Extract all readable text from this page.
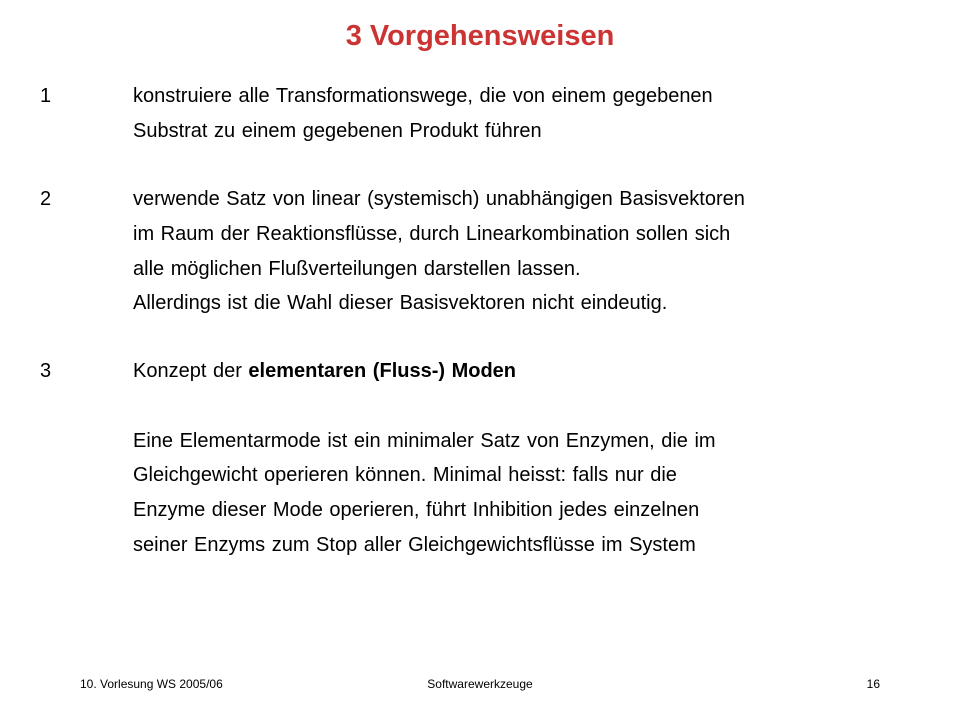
3 Vorgehensweisen
1	konstruiere alle Transformationswege, die von einem gegebenen
Substrat zu einem gegebenen Produkt führen
2	verwende Satz von linear (systemisch) unabhängigen Basisvektoren
im Raum der Reaktionsflüsse, durch Linearkombination sollen sich
alle möglichen Flußverteilungen darstellen lassen.
Allerdings ist die Wahl dieser Basisvektoren nicht eindeutig.
3	Konzept der elementaren (Fluss-) Moden
Eine Elementarmode ist ein minimaler Satz von Enzymen, die im
Gleichgewicht operieren können. Minimal heisst: falls nur die
Enzyme dieser Mode operieren, führt Inhibition jedes einzelnen
seiner Enzyms zum Stop aller Gleichgewichtsflüsse im System
10. Vorlesung WS 2005/06	Softwarewerkzeuge	16
